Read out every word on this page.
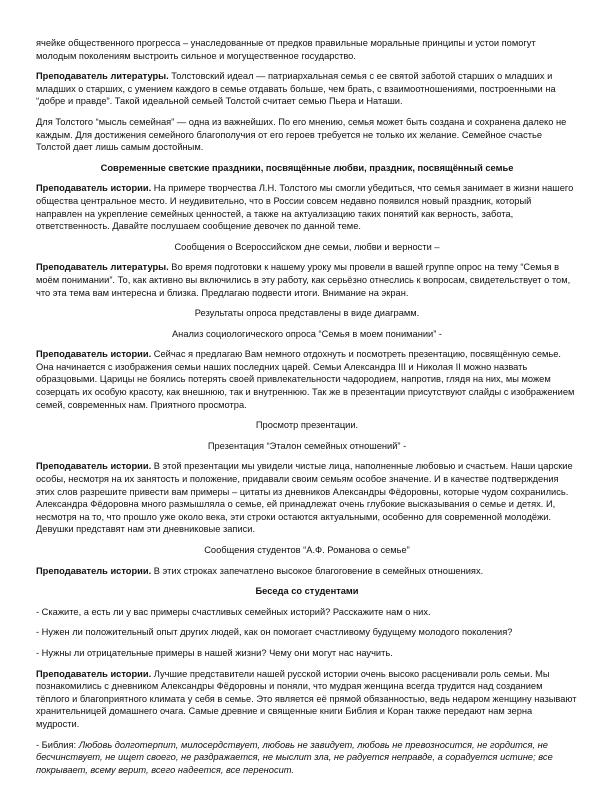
ячейке общественного прогресса – унаследованные от предков правильные моральные принципы и устои помогут молодым поколениям выстроить сильное и могущественное государство.

Преподаватель литературы. Толстовский идеал — патриархальная семья с ее святой заботой старших о младших и младших о старших, с умением каждого в семье отдавать больше, чем брать, с взаимоотношениями, построенными на “добре и правде”. Такой идеальной семьей Толстой считает семью Пьера и Наташи.

Для Толстого “мысль семейная” — одна из важнейших. По его мнению, семья может быть создана и сохранена далеко не каждым. Для достижения семейного благополучия от его героев требуется не только их желание. Семейное счастье Толстой дает лишь самым достойным.

Современные светские праздники, посвящённые любви, праздник, посвящённый семье

Преподаватель истории. На примере творчества Л.Н. Толстого мы смогли убедиться, что семья занимает в жизни нашего общества центральное место. И неудивительно, что в России совсем недавно появился новый праздник, который направлен на укрепление семейных ценностей, а также на актуализацию таких понятий как верность, забота, ответственность. Давайте послушаем сообщение девочек по данной теме.

Сообщения о Всероссийском дне семьи, любви и верности –

Преподаватель литературы. Во время подготовки к нашему уроку мы провели в вашей группе опрос на тему “Семья в моём понимании”. То, как активно вы включились в эту работу, как серьёзно отнеслись к вопросам, свидетельствует о том, что эта тема вам интересна и близка. Предлагаю подвести итоги. Внимание на экран.

Результаты опроса представлены в виде диаграмм.

Анализ социологического опроса “Семья в моем понимании” -

Преподаватель истории. Сейчас я предлагаю Вам немного отдохнуть и посмотреть презентацию, посвящённую семье. Она начинается с изображения семьи наших последних царей. Семьи Александра III и Николая II можно назвать образцовыми. Царицы не боялись потерять своей привлекательности чадородием, напротив, глядя на них, мы можем созерцать их особую красоту, как внешнюю, так и внутреннюю. Так же в презентации присутствуют слайды с изображением семей, современных нам. Приятного просмотра.

Просмотр презентации.

Презентация “Эталон семейных отношений” -

Преподаватель истории. В этой презентации мы увидели чистые лица, наполненные любовью и счастьем. Наши царские особы, несмотря на их занятость и положение, придавали своим семьям особое значение. И в качестве подтверждения этих слов разрешите привести вам примеры – цитаты из дневников Александры Фёдоровны, которые чудом сохранились. Александра Фёдоровна много размышляла о семье, ей принадлежат очень глубокие высказывания о семье и детях. И, несмотря на то, что прошло уже около века, эти строки остаются актуальными, особенно для современной молодёжи. Девушки представят нам эти дневниковые записи.

Сообщения студентов “А.Ф. Романова о семье”

Преподаватель истории. В этих строках запечатлено высокое благоговение в семейных отношениях.

Беседа со студентами

- Скажите, а есть ли у вас примеры счастливых семейных историй? Расскажите нам о них.

- Нужен ли положительный опыт других людей, как он помогает счастливому будущему молодого поколения?

- Нужны ли отрицательные примеры в нашей жизни? Чему они могут нас научить.

Преподаватель истории. Лучшие представители нашей русской истории очень высоко расценивали роль семьи. Мы познакомились с дневником Александры Фёдоровны и поняли, что мудрая женщина всегда трудится над созданием тёплого и благоприятного климата у себя в семье. Это является её прямой обязанностью, ведь недаром женщину называют хранительницей домашнего очага. Самые древние и священные книги Библия и Коран также передают нам зерна мудрости.

- Библия: Любовь долготерпит, милосердствует, любовь не завидует, любовь не превозносится, не гордится, не бесчинствует, не ищет своего, не раздражается, не мыслит зла, не радуется неправде, а сорадуется истине; все покрывает, всему верит, всего надеется, все переносит.
